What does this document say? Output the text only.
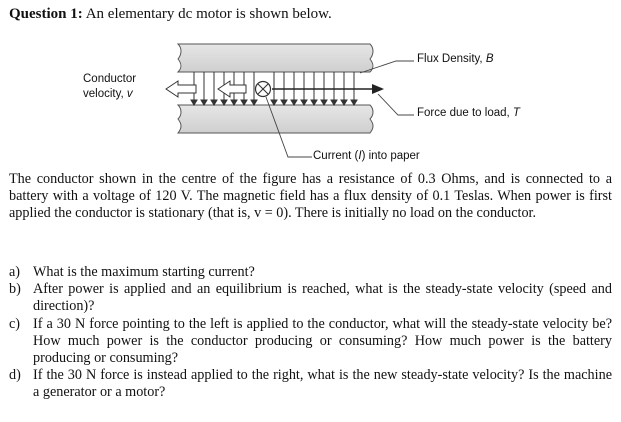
Question 1: An elementary dc motor is shown below.
Conductor
velocity, v
Flux Density, B
Force due to load, T
Current (I) into paper

The conductor shown in the centre of the figure has a resistance of 0.3 Ohms, and is connected to a battery with a voltage of 120 V. The magnetic field has a flux density of 0.1 Teslas. When power is first applied the conductor is stationary (that is, v = 0). There is initially no load on the conductor.

a) What is the maximum starting current?

b) After power is applied and an equilibrium is reached, what is the steady-state velocity (speed and direction)?

c) If a 30 N force pointing to the left is applied to the conductor, what will the steady-state velocity be? How much power is the conductor producing or consuming? How much power is the battery producing or consuming?

d) If the 30 N force is instead applied to the right, what is the new steady-state velocity? Is the machine a generator or a motor?
